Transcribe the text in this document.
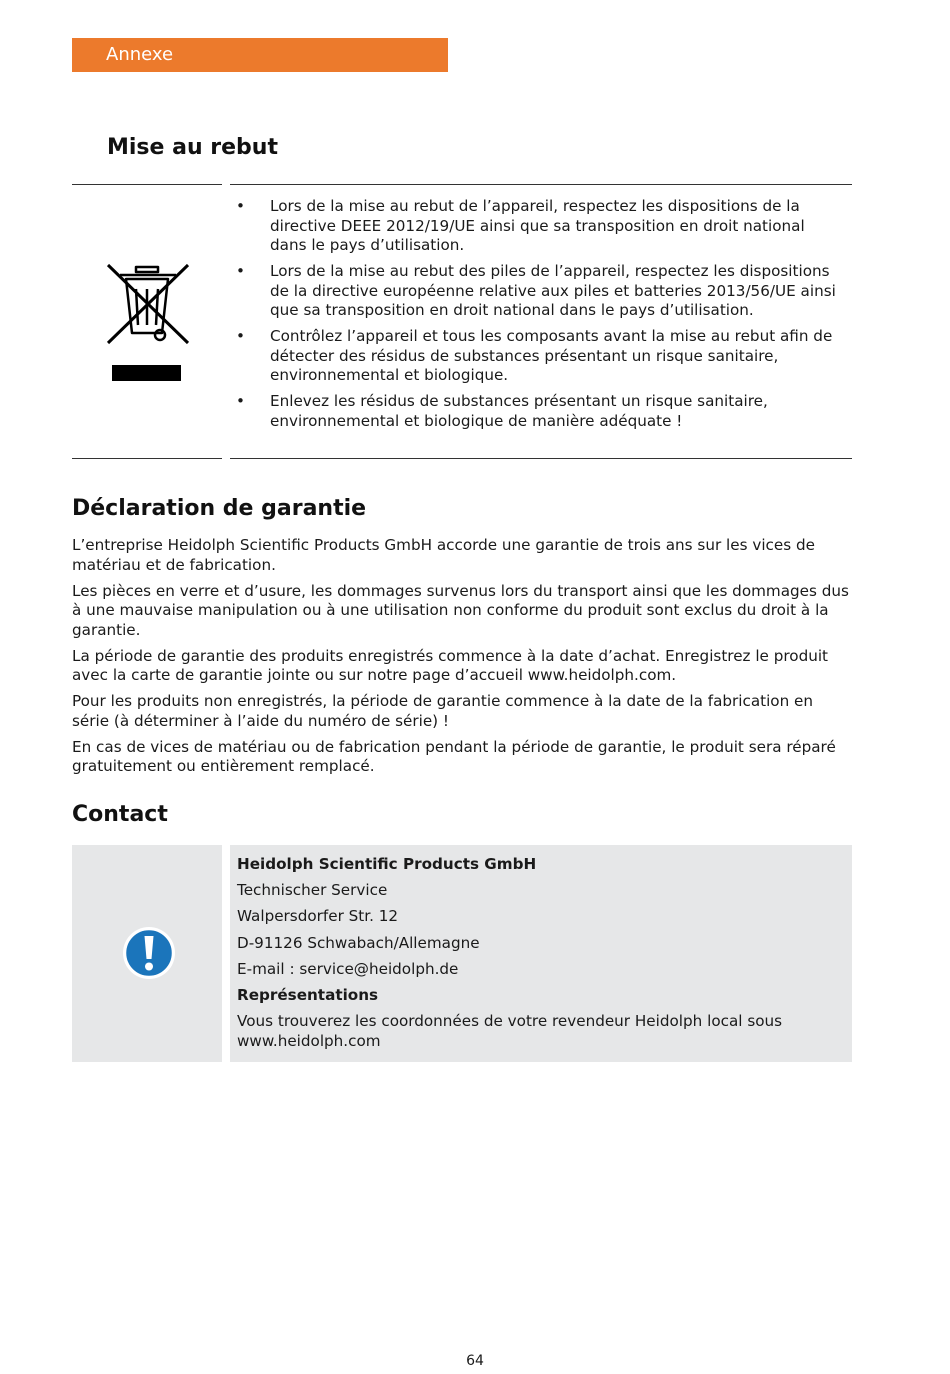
Annexe
Mise au rebut
• Lors de la mise au rebut de l’appareil, respectez les dispositions de la directive DEEE 2012/19/UE ainsi que sa transposition en droit national dans le pays d’utilisation.
• Lors de la mise au rebut des piles de l’appareil, respectez les dispositions de la directive européenne relative aux piles et batteries 2013/56/UE ainsi que sa transposition en droit national dans le pays d’utilisation.
• Contrôlez l’appareil et tous les composants avant la mise au rebut afin de détecter des résidus de substances présentant un risque sanitaire, environnemental et biologique.
• Enlevez les résidus de substances présentant un risque sanitaire, environnemental et biologique de manière adéquate !
Déclaration de garantie

L’entreprise Heidolph Scientific Products GmbH accorde une garantie de trois ans sur les vices de matériau et de fabrication.

Les pièces en verre et d’usure, les dommages survenus lors du transport ainsi que les dommages dus à une mauvaise manipulation ou à une utilisation non conforme du produit sont exclus du droit à la garantie.

La période de garantie des produits enregistrés commence à la date d’achat. Enregistrez le produit avec la carte de garantie jointe ou sur notre page d’accueil www.heidolph.com.

Pour les produits non enregistrés, la période de garantie commence à la date de la fabrication en série (à déterminer à l’aide du numéro de série) !

En cas de vices de matériau ou de fabrication pendant la période de garantie, le produit sera réparé gratuitement ou entièrement remplacé.

Contact
Heidolph Scientific Products GmbH
Technischer Service
Walpersdorfer Str. 12
D-91126 Schwabach/Allemagne
E-mail : service@heidolph.de
Représentations
Vous trouverez les coordonnées de votre revendeur Heidolph local sous www.heidolph.com
64
